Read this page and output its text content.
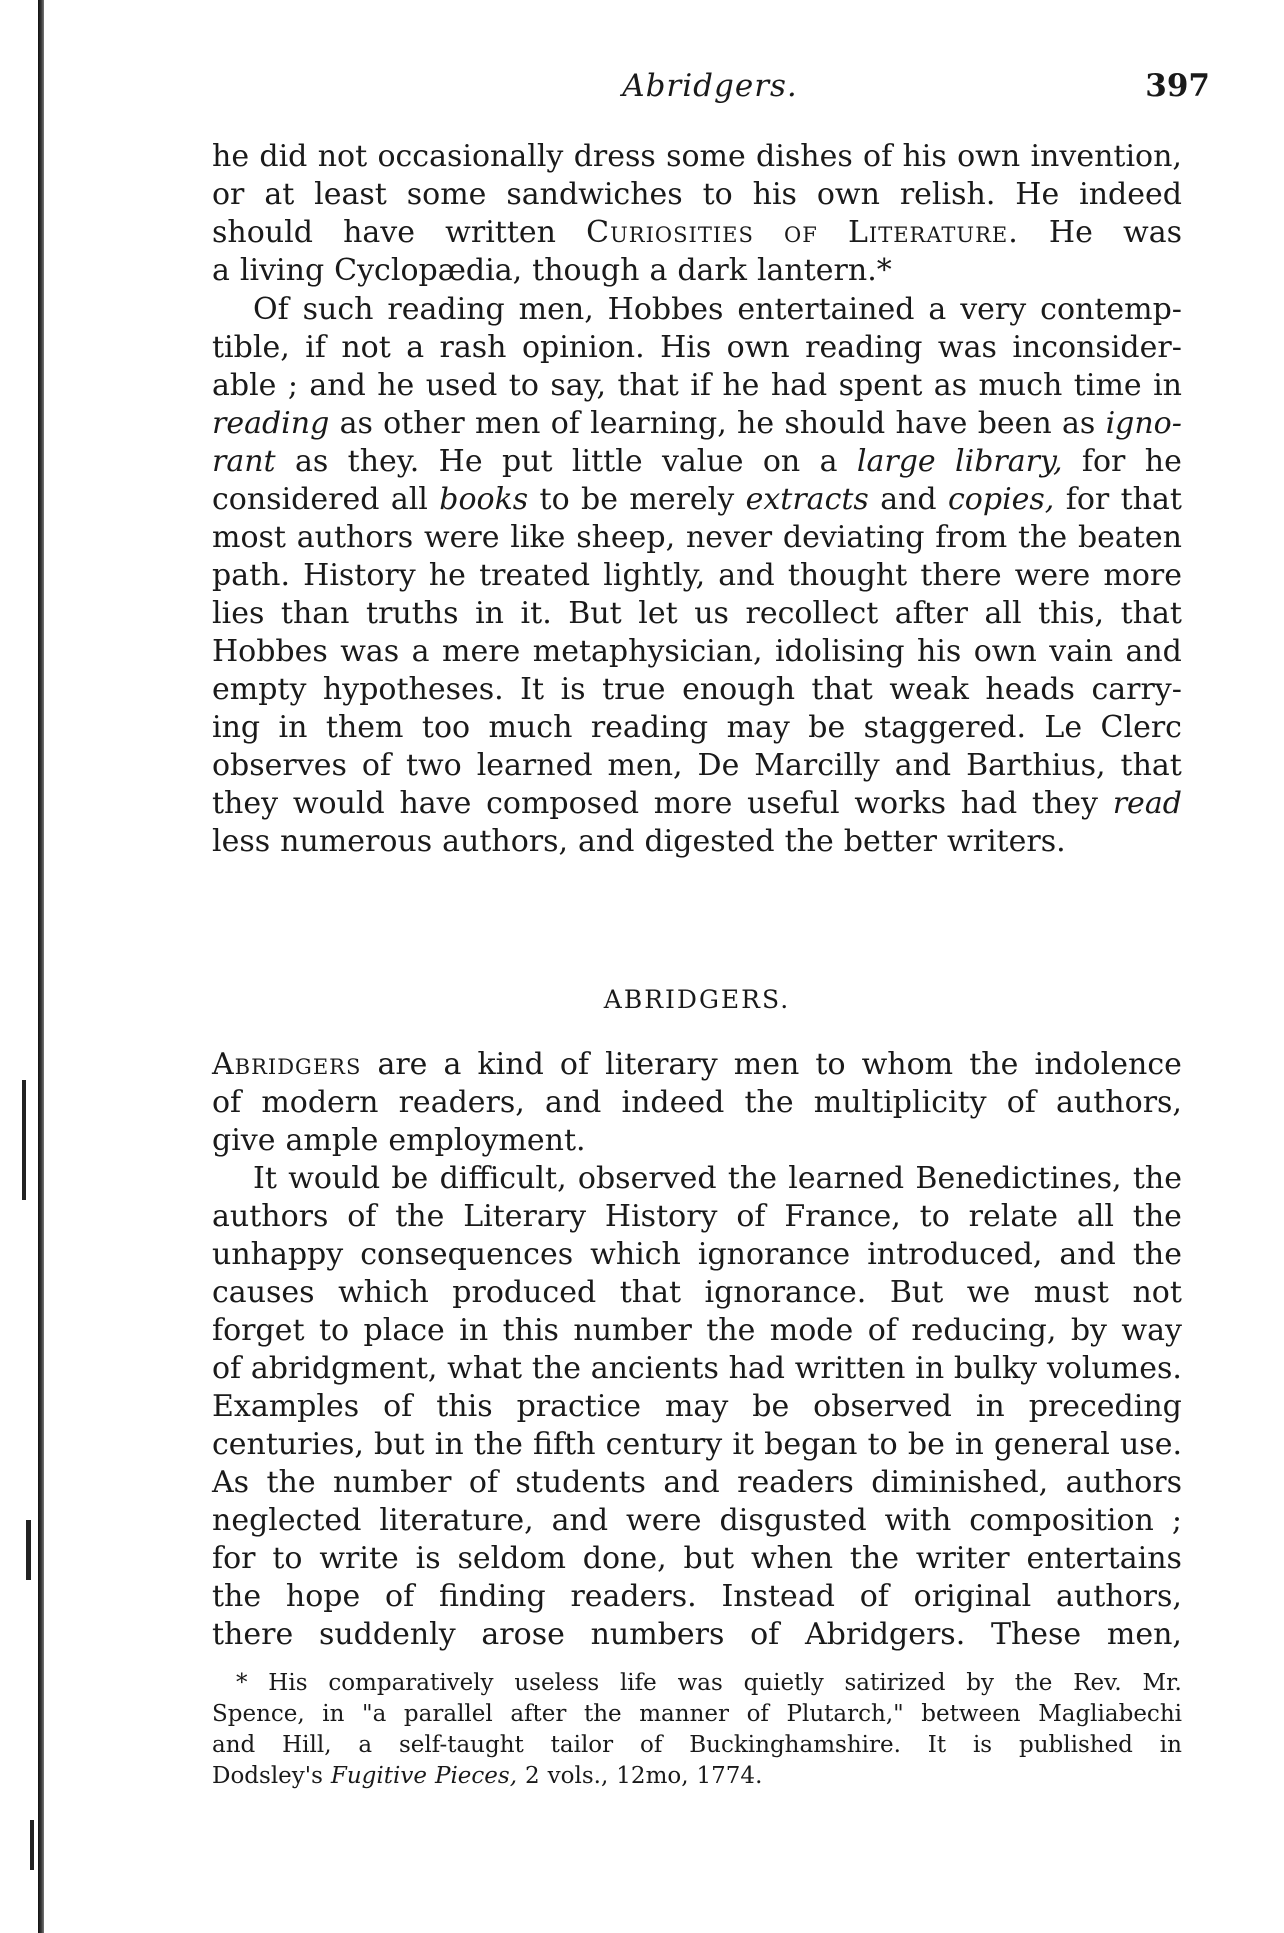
Abridgers.	397
he did not occasionally dress some dishes of his own invention,
or at least some sandwiches to his own relish. He indeed
should have written Curiosities of Literature. He was
a living Cyclopædia, though a dark lantern.*
Of such reading men, Hobbes entertained a very contemp-
tible, if not a rash opinion. His own reading was inconsider-
able ; and he used to say, that if he had spent as much time in
reading as other men of learning, he should have been as igno-
rant as they. He put little value on a large library, for he
considered all books to be merely extracts and copies, for that
most authors were like sheep, never deviating from the beaten
path. History he treated lightly, and thought there were more
lies than truths in it. But let us recollect after all this, that
Hobbes was a mere metaphysician, idolising his own vain and
empty hypotheses. It is true enough that weak heads carry-
ing in them too much reading may be staggered. Le Clerc
observes of two learned men, De Marcilly and Barthius, that
they would have composed more useful works had they read
less numerous authors, and digested the better writers.
ABRIDGERS.
Abridgers are a kind of literary men to whom the indolence
of modern readers, and indeed the multiplicity of authors,
give ample employment.
It would be difficult, observed the learned Benedictines, the
authors of the Literary History of France, to relate all the
unhappy consequences which ignorance introduced, and the
causes which produced that ignorance. But we must not
forget to place in this number the mode of reducing, by way
of abridgment, what the ancients had written in bulky volumes.
Examples of this practice may be observed in preceding
centuries, but in the fifth century it began to be in general use.
As the number of students and readers diminished, authors
neglected literature, and were disgusted with composition ;
for to write is seldom done, but when the writer entertains
the hope of finding readers. Instead of original authors,
there suddenly arose numbers of Abridgers. These men,
* His comparatively useless life was quietly satirized by the Rev. Mr.
Spence, in "a parallel after the manner of Plutarch," between Magliabechi
and Hill, a self-taught tailor of Buckinghamshire. It is published in
Dodsley's Fugitive Pieces, 2 vols., 12mo, 1774.
